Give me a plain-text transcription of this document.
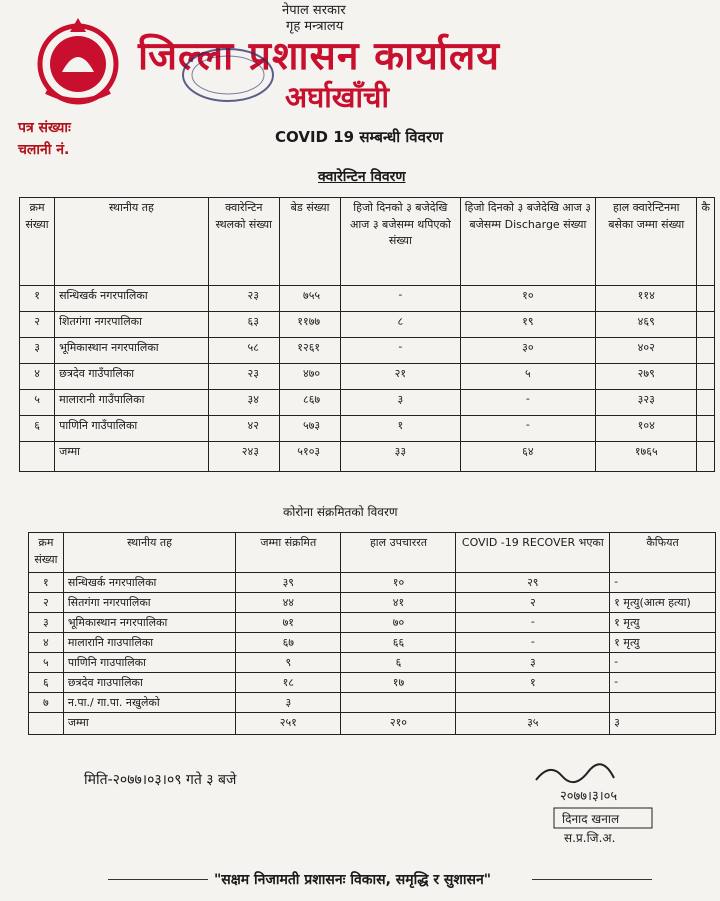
नेपाल सरकार
गृह मन्त्रालय
जिल्ला प्रशासन कार्यालय
अर्घाखाँची
पत्र संख्याः
चलानी नं.
COVID 19 सम्बन्धी विवरण
क्वारेन्टिन विवरण
क्रम संख्या	स्थानीय तह	क्वारेन्टिन स्थलको संख्या	बेड संख्या	हिजो दिनको ३ बजेदेखि आज ३ बजेसम्म थपिएको संख्या	हिजो दिनको ३ बजेदेखि आज ३ बजेसम्म Discharge संख्या	हाल क्वारेन्टिनमा बसेका जम्मा संख्या	कै
१	सन्धिखर्क नगरपालिका	२३	७५५	-	१०	११४	
२	शितगंगा नगरपालिका	६३	११७७	८	१९	४६९	
३	भूमिकास्थान नगरपालिका	५८	१२६१	-	३०	४०२	
४	छत्रदेव गाउँपालिका	२३	४७०	२१	५	२७९	
५	मालारानी गाउँपालिका	३४	८६७	३	-	३२३	
६	पाणिनि गाउँपालिका	४२	५७३	१	-	१०४	
	जम्मा	२४३	५१०३	३३	६४	१७६५	
कोरोना संक्रमितको विवरण
क्रम संख्या	स्थानीय तह	जम्मा संक्रमित	हाल उपचाररत	COVID -19 RECOVER भएका	कैफियत
१	सन्धिखर्क नगरपालिका	३९	१०	२९	-
२	सितगंगा नगरपालिका	४४	४१	२	१ मृत्यु(आत्म हत्या)
३	भूमिकास्थान नगरपालिका	७१	७०	-	१ मृत्यु
४	मालारानि गाउपालिका	६७	६६	-	१ मृत्यु
५	पाणिनि गाउपालिका	९	६	३	-
६	छत्रदेव गाउपालिका	१८	१७	१	-
७	न.पा./ गा.पा. नखुलेको	३			
	जम्मा	२५१	२१०	३५	३
मिति-२०७७।०३।०९ गते ३ बजे
२०७७।३।०५
दिनाद खनाल
स.प्र.जि.अ.
"सक्षम निजामती प्रशासनः विकास, समृद्धि र सुशासन"
